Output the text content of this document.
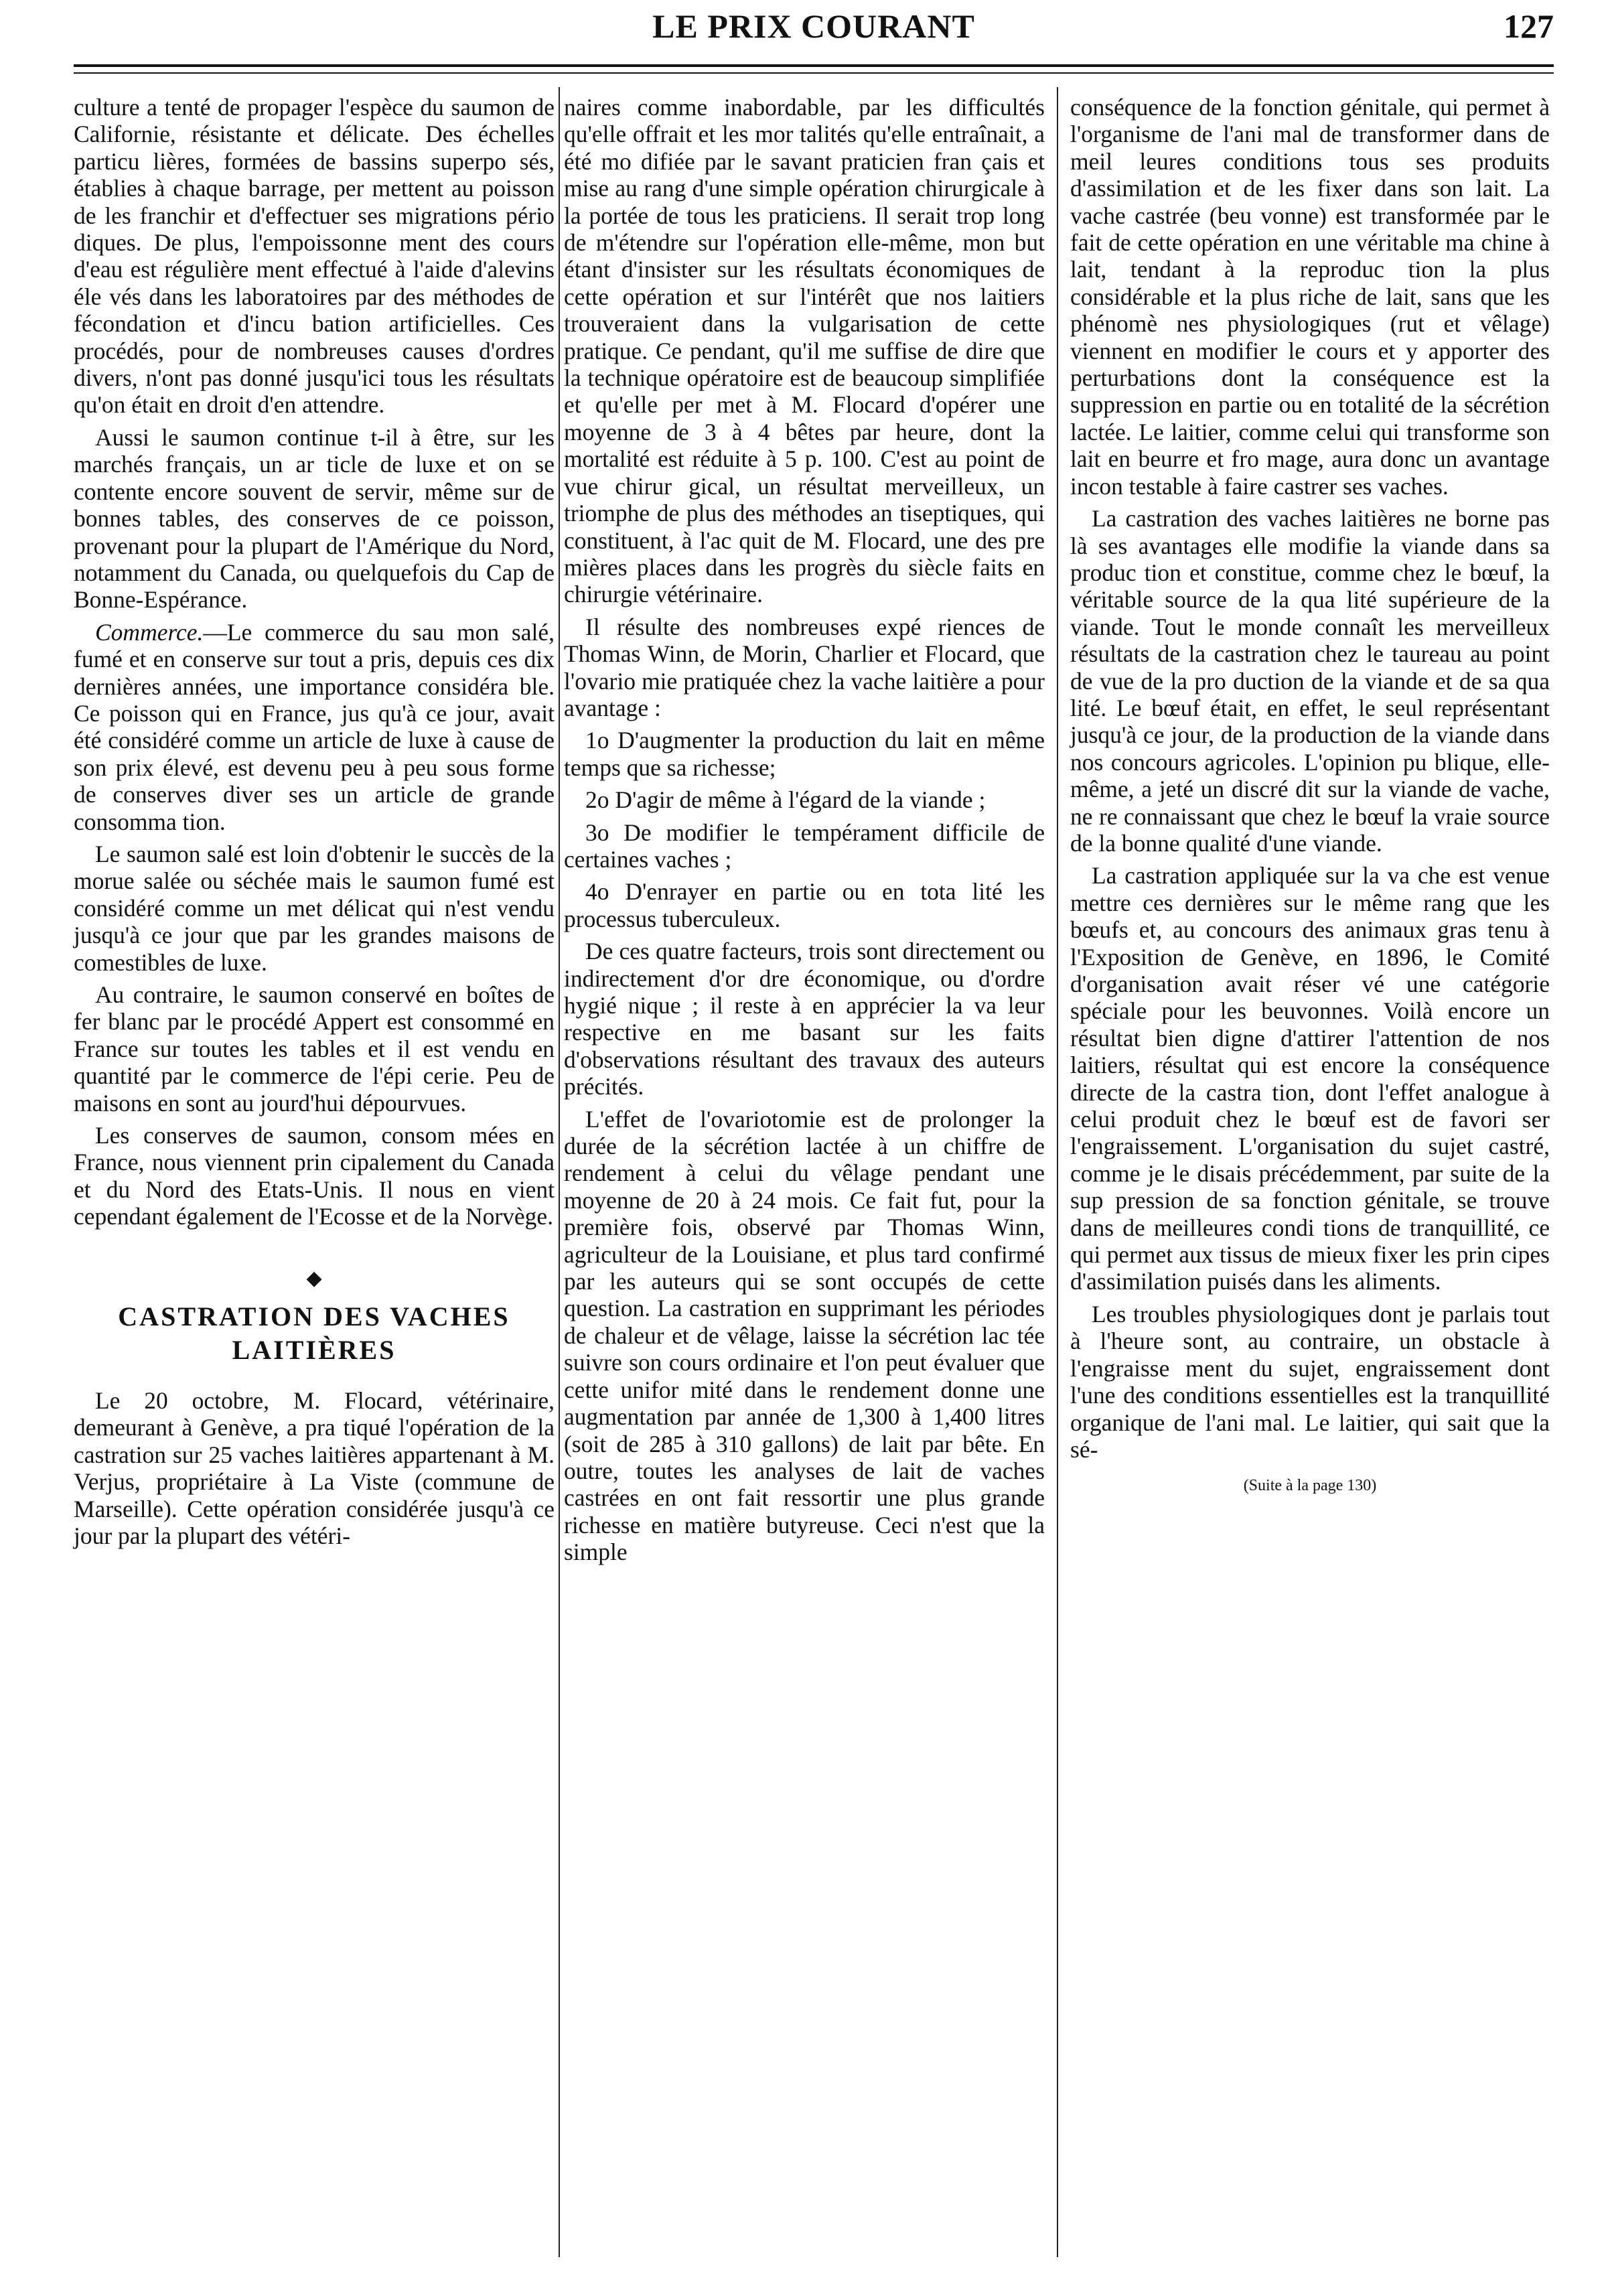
LE PRIX COURANT	127

culture a tenté de propager l'espèce du saumon de Californie, résistante et délicate. Des échelles particu lières, formées de bassins superpo sés, établies à chaque barrage, per mettent au poisson de les franchir et d'effectuer ses migrations pério diques. De plus, l'empoissonne ment des cours d'eau est régulière ment effectué à l'aide d'alevins éle vés dans les laboratoires par des méthodes de fécondation et d'incu bation artificielles. Ces procédés, pour de nombreuses causes d'ordres divers, n'ont pas donné jusqu'ici tous les résultats qu'on était en droit d'en attendre.

Aussi le saumon continue t-il à être, sur les marchés français, un ar ticle de luxe et on se contente encore souvent de servir, même sur de bonnes tables, des conserves de ce poisson, provenant pour la plupart de l'Amérique du Nord, notamment du Canada, ou quelquefois du Cap de Bonne-Espérance.

Commerce.—Le commerce du sau mon salé, fumé et en conserve sur tout a pris, depuis ces dix dernières années, une importance considéra ble. Ce poisson qui en France, jus qu'à ce jour, avait été considéré comme un article de luxe à cause de son prix élevé, est devenu peu à peu sous forme de conserves diver ses un article de grande consomma tion.

Le saumon salé est loin d'obtenir le succès de la morue salée ou séchée mais le saumon fumé est considéré comme un met délicat qui n'est vendu jusqu'à ce jour que par les grandes maisons de comestibles de luxe.

Au contraire, le saumon conservé en boîtes de fer blanc par le procédé Appert est consommé en France sur toutes les tables et il est vendu en quantité par le commerce de l'épi cerie. Peu de maisons en sont au jourd'hui dépourvues.

Les conserves de saumon, consom mées en France, nous viennent prin cipalement du Canada et du Nord des Etats-Unis. Il nous en vient cependant également de l'Ecosse et de la Norvège.

◆
CASTRATION DES VACHES LAITIÈRES

Le 20 octobre, M. Flocard, vétérinaire, demeurant à Genève, a pra tiqué l'opération de la castration sur 25 vaches laitières appartenant à M. Verjus, propriétaire à La Viste (commune de Marseille). Cette opération considérée jusqu'à ce jour par la plupart des vétéri-

naires comme inabordable, par les difficultés qu'elle offrait et les mor talités qu'elle entraînait, a été mo difiée par le savant praticien fran çais et mise au rang d'une simple opération chirurgicale à la portée de tous les praticiens. Il serait trop long de m'étendre sur l'opération elle-même, mon but étant d'insister sur les résultats économiques de cette opération et sur l'intérêt que nos laitiers trouveraient dans la vulgarisation de cette pratique. Ce pendant, qu'il me suffise de dire que la technique opératoire est de beaucoup simplifiée et qu'elle per met à M. Flocard d'opérer une moyenne de 3 à 4 bêtes par heure, dont la mortalité est réduite à 5 p. 100. C'est au point de vue chirur gical, un résultat merveilleux, un triomphe de plus des méthodes an tiseptiques, qui constituent, à l'ac quit de M. Flocard, une des pre mières places dans les progrès du siècle faits en chirurgie vétérinaire.

Il résulte des nombreuses expé riences de Thomas Winn, de Morin, Charlier et Flocard, que l'ovario mie pratiquée chez la vache laitière a pour avantage :

1o D'augmenter la production du lait en même temps que sa richesse;

2o D'agir de même à l'égard de la viande ;

3o De modifier le tempérament difficile de certaines vaches ;

4o D'enrayer en partie ou en tota lité les processus tuberculeux.

De ces quatre facteurs, trois sont directement ou indirectement d'or dre économique, ou d'ordre hygié nique ; il reste à en apprécier la va leur respective en me basant sur les faits d'observations résultant des travaux des auteurs précités.

L'effet de l'ovariotomie est de prolonger la durée de la sécrétion lactée à un chiffre de rendement à celui du vêlage pendant une moyenne de 20 à 24 mois. Ce fait fut, pour la première fois, observé par Thomas Winn, agriculteur de la Louisiane, et plus tard confirmé par les auteurs qui se sont occupés de cette question. La castration en supprimant les périodes de chaleur et de vêlage, laisse la sécrétion lac tée suivre son cours ordinaire et l'on peut évaluer que cette unifor mité dans le rendement donne une augmentation par année de 1,300 à 1,400 litres (soit de 285 à 310 gallons) de lait par bête. En outre, toutes les analyses de lait de vaches castrées en ont fait ressortir une plus grande richesse en matière butyreuse. Ceci n'est que la simple

conséquence de la fonction génitale, qui permet à l'organisme de l'ani mal de transformer dans de meil leures conditions tous ses produits d'assimilation et de les fixer dans son lait. La vache castrée (beu vonne) est transformée par le fait de cette opération en une véritable ma chine à lait, tendant à la reproduc tion la plus considérable et la plus riche de lait, sans que les phénomè nes physiologiques (rut et vêlage) viennent en modifier le cours et y apporter des perturbations dont la conséquence est la suppression en partie ou en totalité de la sécrétion lactée. Le laitier, comme celui qui transforme son lait en beurre et fro mage, aura donc un avantage incon testable à faire castrer ses vaches.

La castration des vaches laitières ne borne pas là ses avantages elle modifie la viande dans sa produc tion et constitue, comme chez le bœuf, la véritable source de la qua lité supérieure de la viande. Tout le monde connaît les merveilleux résultats de la castration chez le taureau au point de vue de la pro duction de la viande et de sa qua lité. Le bœuf était, en effet, le seul représentant jusqu'à ce jour, de la production de la viande dans nos concours agricoles. L'opinion pu blique, elle-même, a jeté un discré dit sur la viande de vache, ne re connaissant que chez le bœuf la vraie source de la bonne qualité d'une viande.

La castration appliquée sur la va che est venue mettre ces dernières sur le même rang que les bœufs et, au concours des animaux gras tenu à l'Exposition de Genève, en 1896, le Comité d'organisation avait réser vé une catégorie spéciale pour les beuvonnes. Voilà encore un résultat bien digne d'attirer l'attention de nos laitiers, résultat qui est encore la conséquence directe de la castra tion, dont l'effet analogue à celui produit chez le bœuf est de favori ser l'engraissement. L'organisation du sujet castré, comme je le disais précédemment, par suite de la sup pression de sa fonction génitale, se trouve dans de meilleures condi tions de tranquillité, ce qui permet aux tissus de mieux fixer les prin cipes d'assimilation puisés dans les aliments.

Les troubles physiologiques dont je parlais tout à l'heure sont, au contraire, un obstacle à l'engraisse ment du sujet, engraissement dont l'une des conditions essentielles est la tranquillité organique de l'ani mal. Le laitier, qui sait que la sé-

(Suite à la page 130)
